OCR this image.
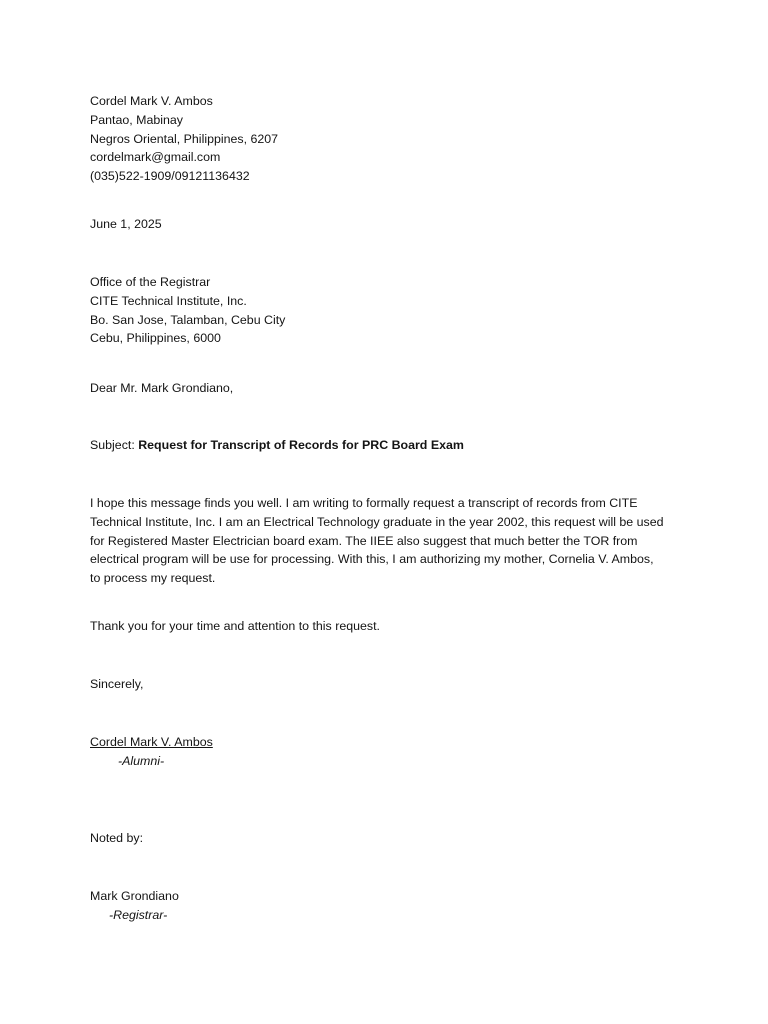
Cordel Mark V. Ambos
Pantao, Mabinay
Negros Oriental, Philippines, 6207
cordelmark@gmail.com
(035)522-1909/09121136432
June 1, 2025
Office of the Registrar
CITE Technical Institute, Inc.
Bo. San Jose, Talamban, Cebu City
Cebu, Philippines, 6000
Dear Mr. Mark Grondiano,
Subject: Request for Transcript of Records for PRC Board Exam
I hope this message finds you well. I am writing to formally request a transcript of records from CITE
Technical Institute, Inc. I am an Electrical Technology graduate in the year 2002, this request will be used
for Registered Master Electrician board exam. The IIEE also suggest that much better the TOR from
electrical program will be use for processing. With this, I am authorizing my mother, Cornelia V. Ambos,
to process my request.
Thank you for your time and attention to this request.
Sincerely,
Cordel Mark V. Ambos
-Alumni-
Noted by:
Mark Grondiano
-Registrar-
